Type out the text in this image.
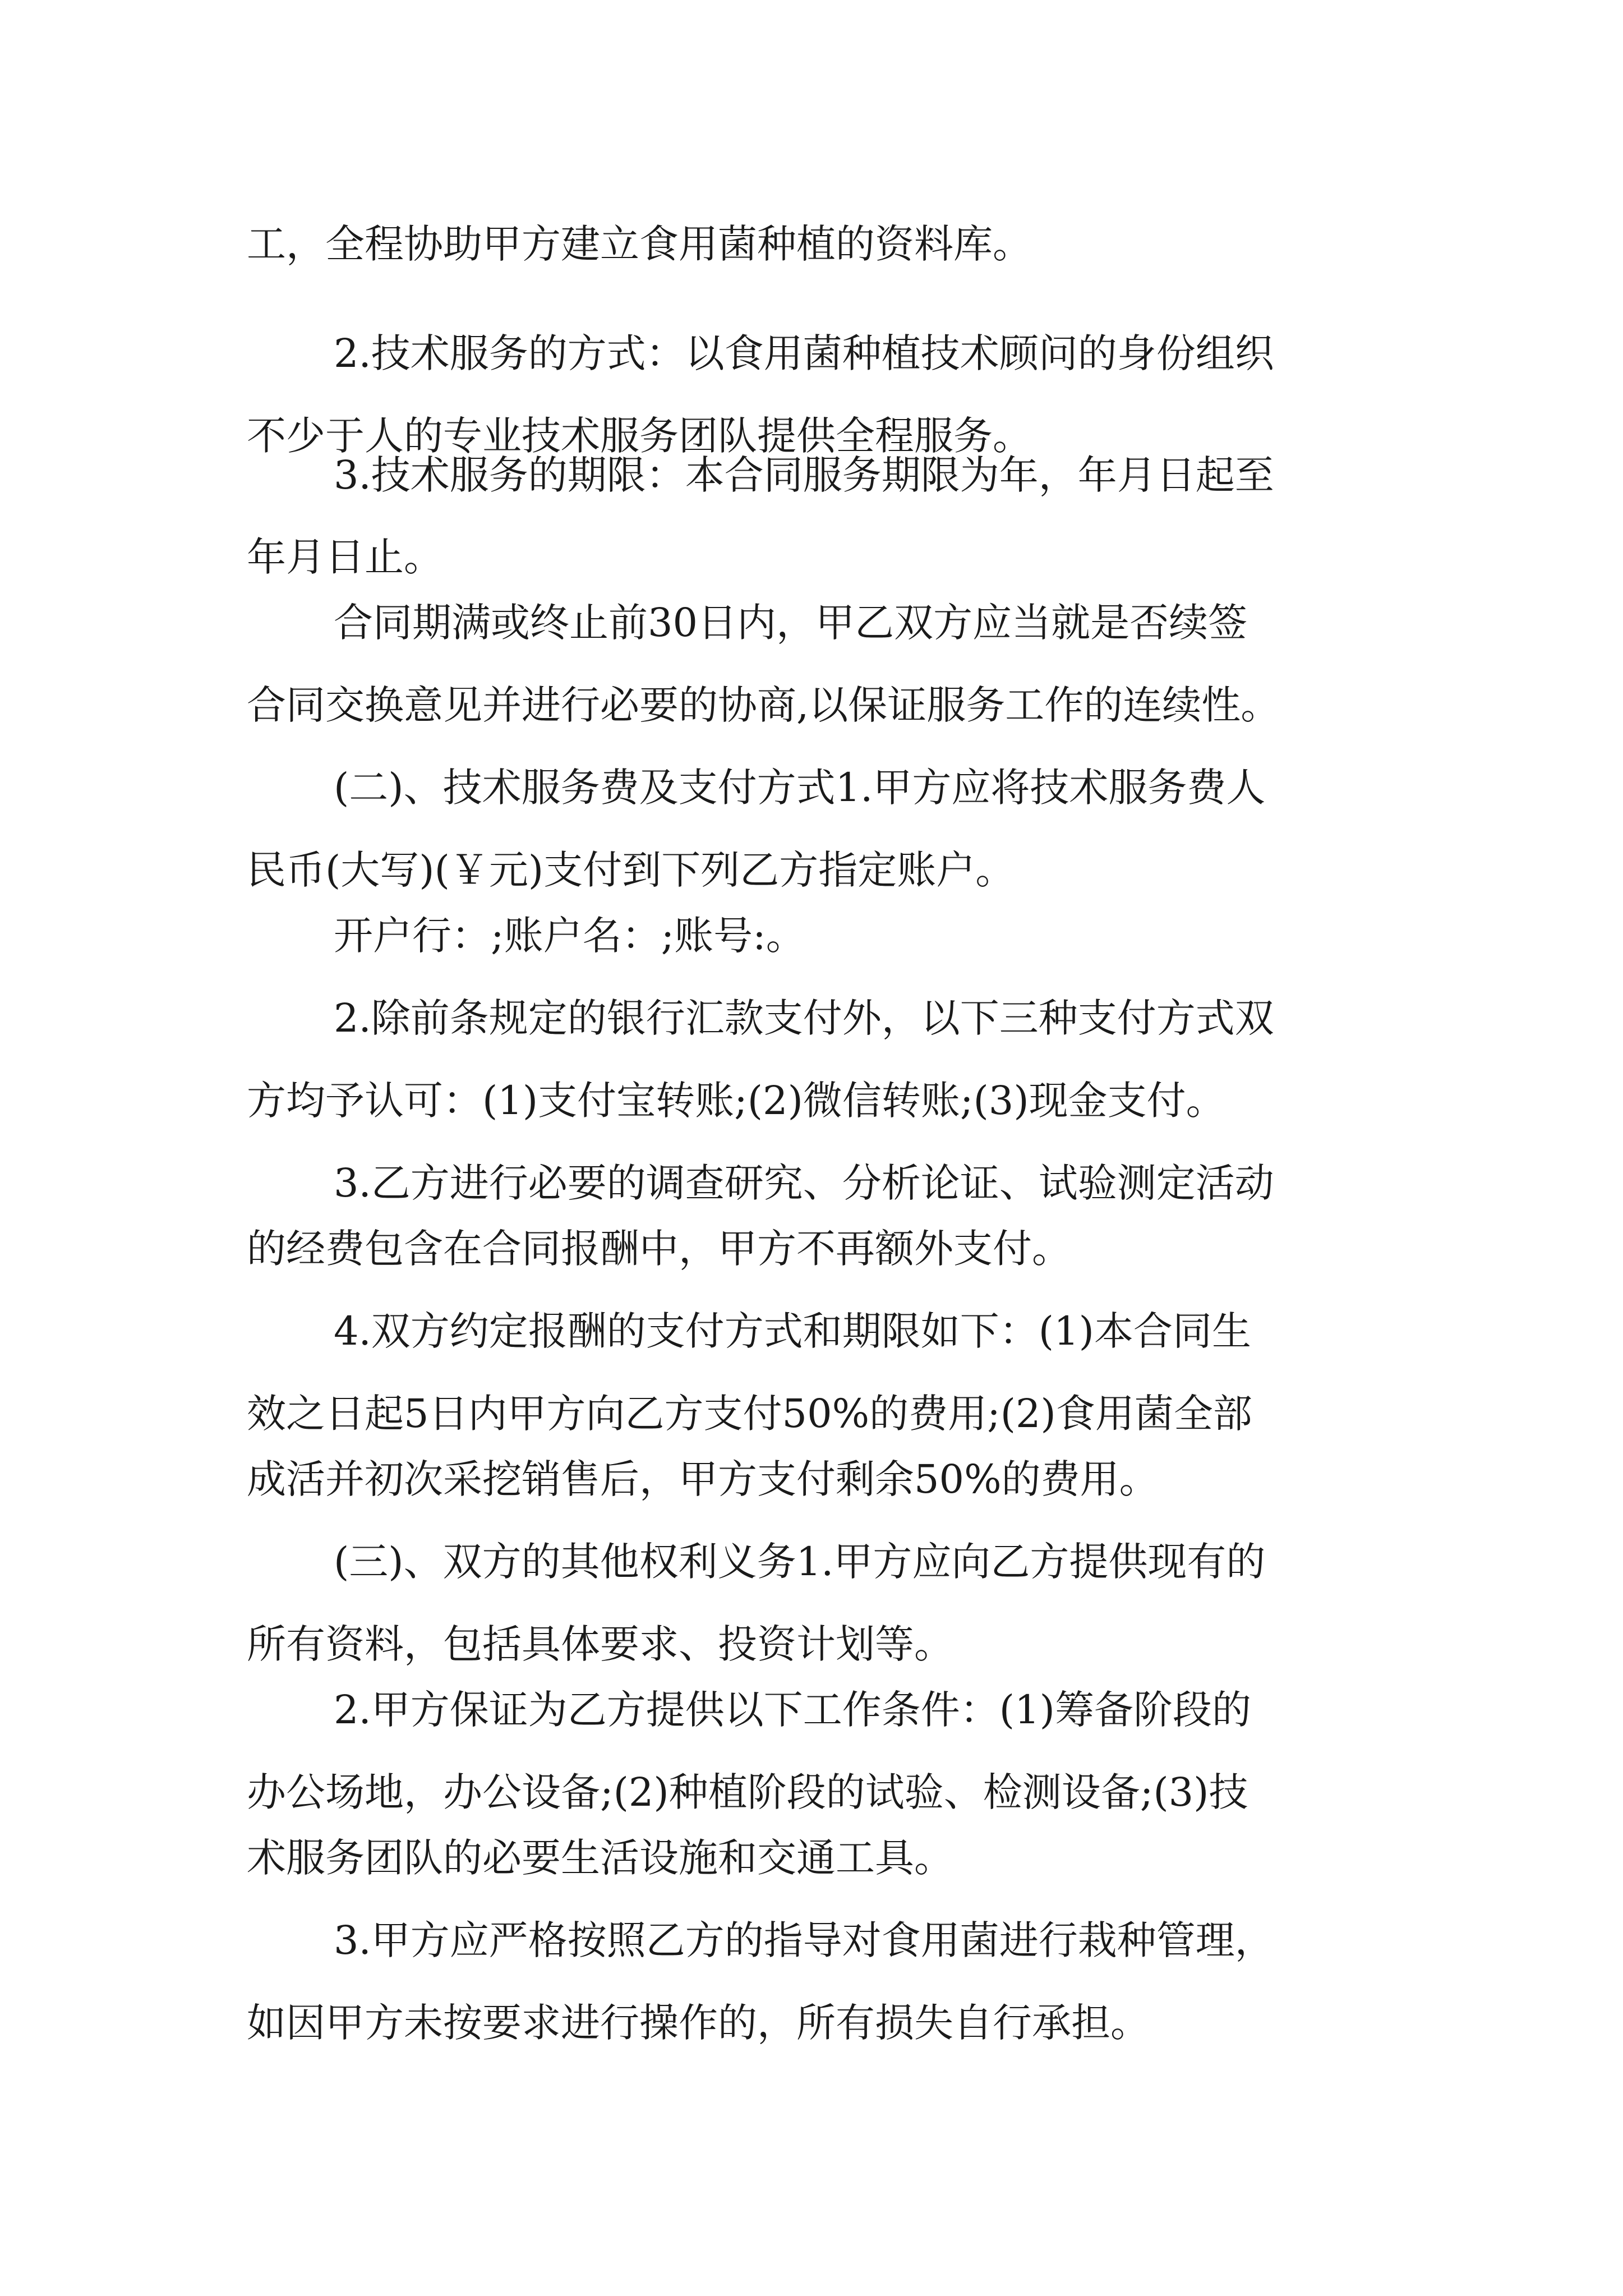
工，全程协助甲方建立食用菌种植的资料库。
2.技术服务的方式：以食用菌种植技术顾问的身份组织
不少于人的专业技术服务团队提供全程服务。
3.技术服务的期限：本合同服务期限为年，年月日起至
年月日止。
合同期满或终止前30日内，甲乙双方应当就是否续签
合同交换意见并进行必要的协商,以保证服务工作的连续性。
(二)、技术服务费及支付方式1.甲方应将技术服务费人
民币(大写)(￥元)支付到下列乙方指定账户。
开户行：;账户名：;账号:。
2.除前条规定的银行汇款支付外，以下三种支付方式双
方均予认可：(1)支付宝转账;(2)微信转账;(3)现金支付。
3.乙方进行必要的调查研究、分析论证、试验测定活动
的经费包含在合同报酬中，甲方不再额外支付。
4.双方约定报酬的支付方式和期限如下：(1)本合同生
效之日起5日内甲方向乙方支付50%的费用;(2)食用菌全部
成活并初次采挖销售后，甲方支付剩余50%的费用。
(三)、双方的其他权利义务1.甲方应向乙方提供现有的
所有资料，包括具体要求、投资计划等。
2.甲方保证为乙方提供以下工作条件：(1)筹备阶段的
办公场地，办公设备;(2)种植阶段的试验、检测设备;(3)技
术服务团队的必要生活设施和交通工具。
3.甲方应严格按照乙方的指导对食用菌进行栽种管理，
如因甲方未按要求进行操作的，所有损失自行承担。
